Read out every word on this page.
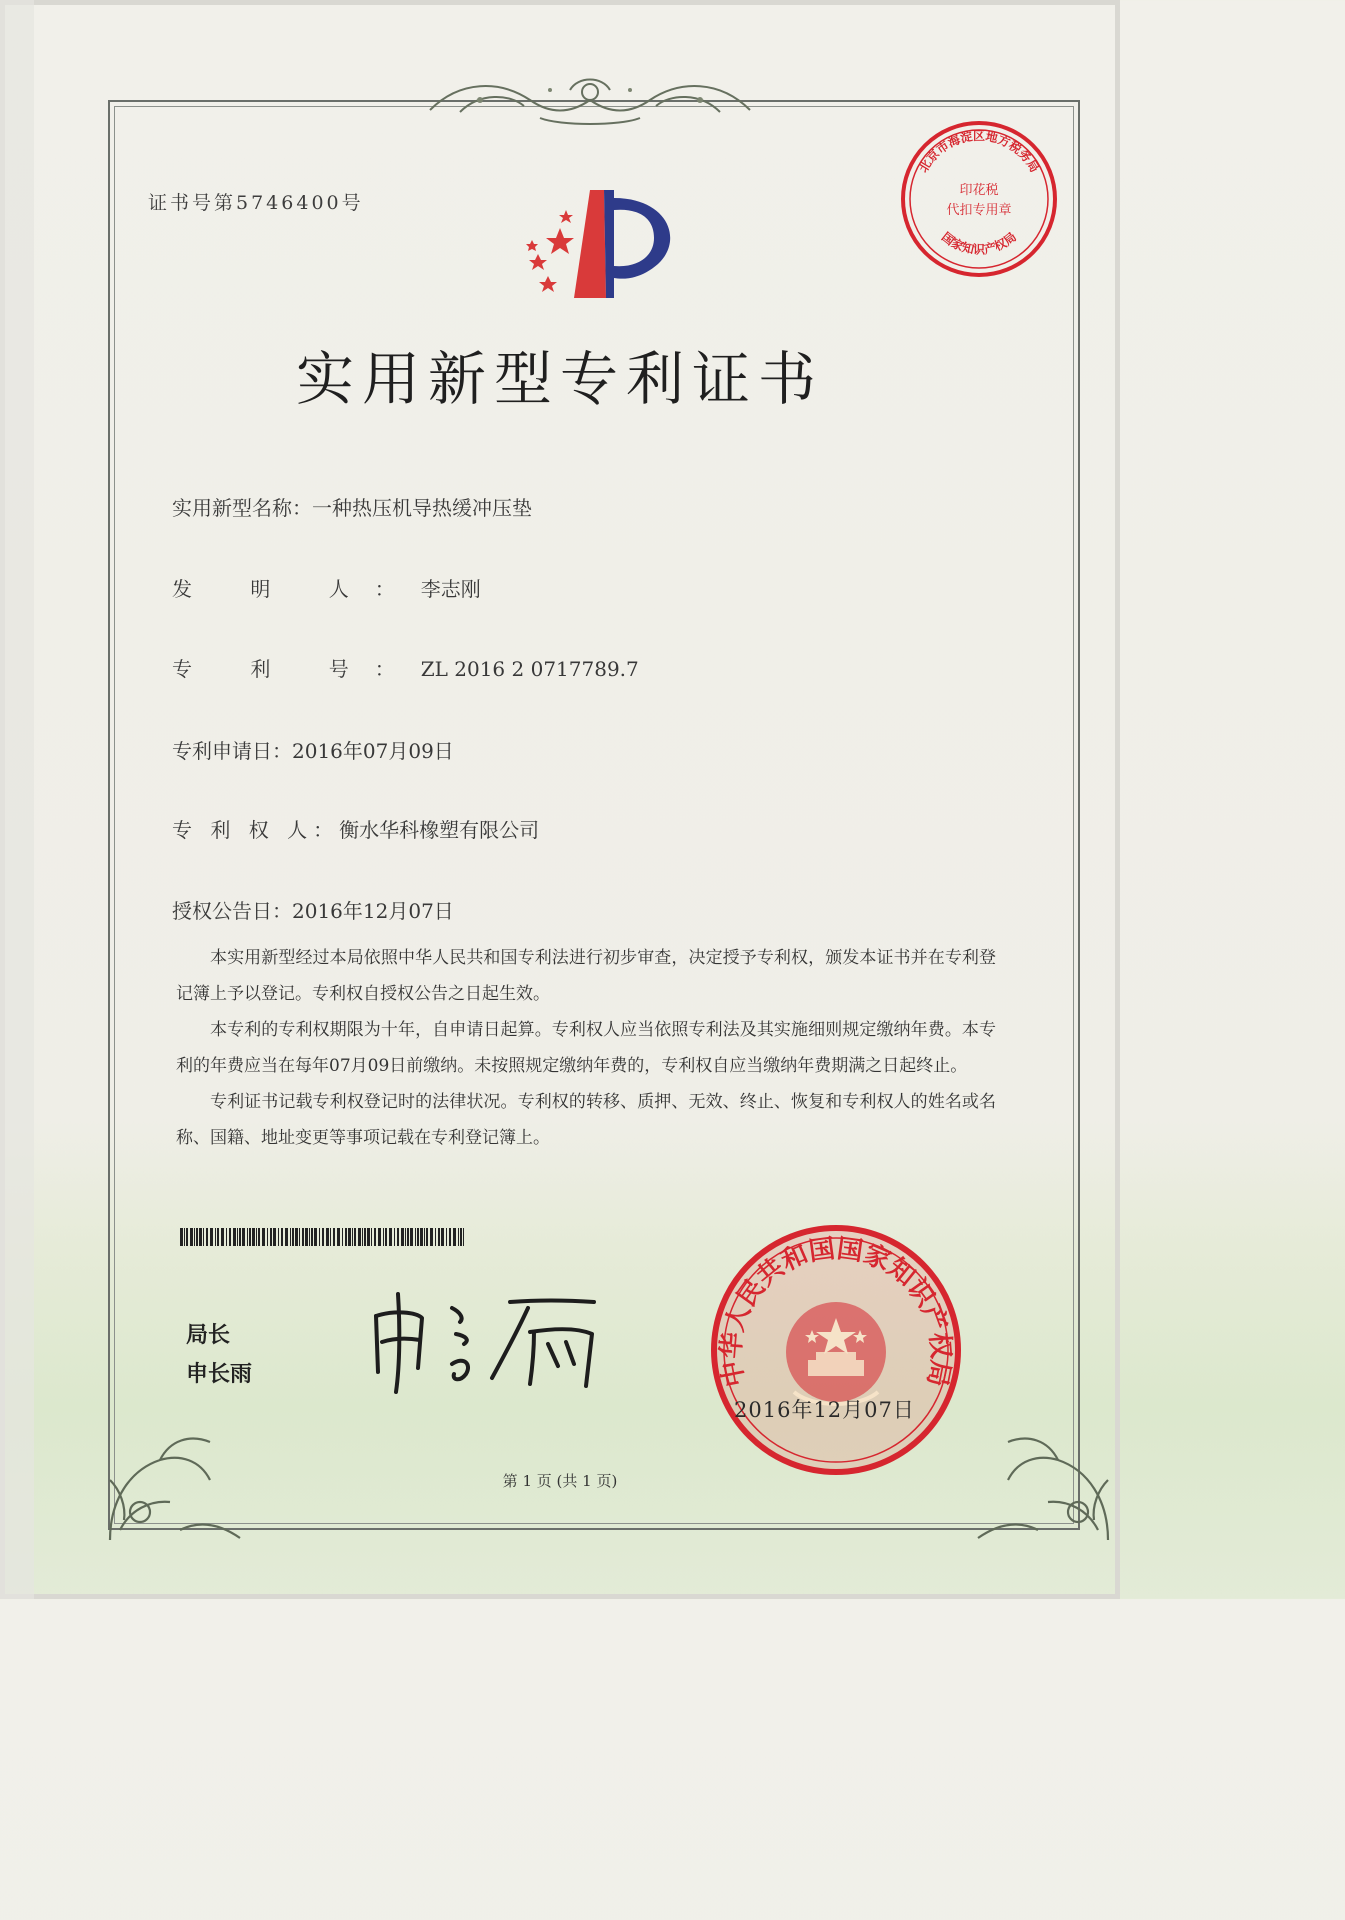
证书号第5746400号
北京市海淀区地方税务局
国家知识产权局
印花税
代扣专用章
实用新型专利证书
实用新型名称：一种热压机导热缓冲压垫
发 明 人：李志刚
专 利 号：ZL 2016 2 0717789.7
专利申请日：2016年07月09日
专 利 权 人：衡水华科橡塑有限公司
授权公告日：2016年12月07日

本实用新型经过本局依照中华人民共和国专利法进行初步审查，决定授予专利权，颁发本证书并在专利登记簿上予以登记。专利权自授权公告之日起生效。

本专利的专利权期限为十年，自申请日起算。专利权人应当依照专利法及其实施细则规定缴纳年费。本专利的年费应当在每年07月09日前缴纳。未按照规定缴纳年费的，专利权自应当缴纳年费期满之日起终止。

专利证书记载专利权登记时的法律状况。专利权的转移、质押、无效、终止、恢复和专利权人的姓名或名称、国籍、地址变更等事项记载在专利登记簿上。

局长
申长雨	中华人民共和国国家知识产权局
2016年12月07日
第 1 页 (共 1 页)
